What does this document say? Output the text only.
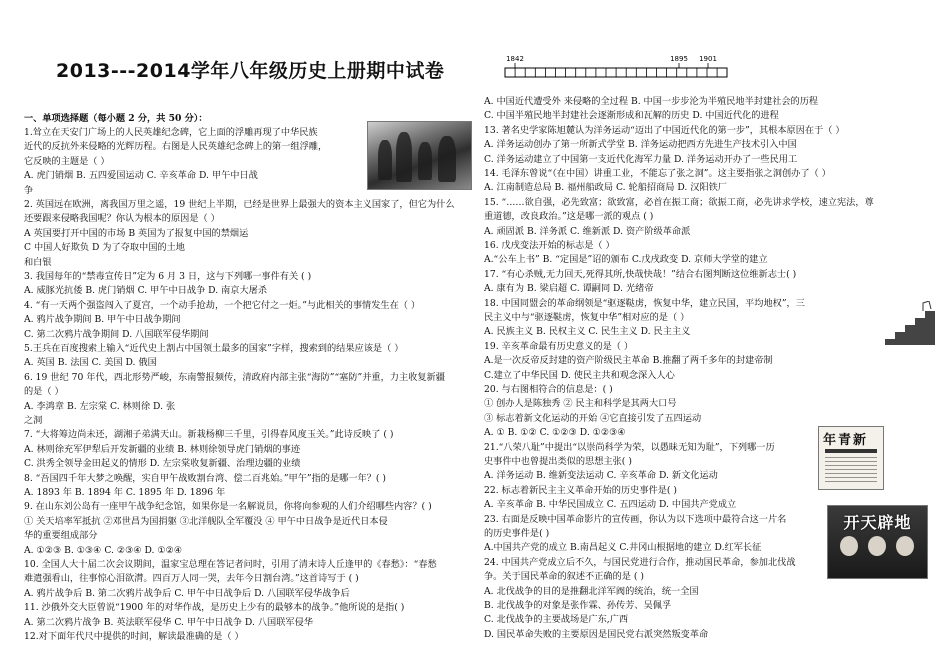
2013---2014学年八年级历史上册期中试卷
1842	1895 1901
一、单项选择题（每小题 2 分，共 50 分）：
1.耸立在天安门广场上的人民英雄纪念碑，它上面的浮雕再现了中华民族
近代的反抗外来侵略的光辉历程。右图是人民英雄纪念碑上的第一组浮雕，
它反映的主题是（ ）
A. 虎门销烟 B. 五四爱国运动 C. 辛亥革命 D. 甲午中日战
争
2. 英国远在欧洲，离我国万里之遥，19 世纪上半期，已经是世界上最强大的资本主义国家了，但它为什么
还要跟来侵略我国呢？你认为根本的原因是（ ）
A 英国要打开中国的市场 B 英国为了报复中国的禁烟运
C 中国人好欺负 D 为了夺取中国的土地
和白银
3. 我国每年的“禁毒宣传日”定为 6 月 3 日，这与下列哪一事件有关 ( )
A. 威豚光抗倭 B. 虎门销烟 C. 甲午中日战争 D. 南京大屠杀
4. “有一天两个强盗闯入了夏宫，一个动手抢劫，一个把它付之一炬。”与此相关的事情发生在（ ）
A. 鸦片战争期间 B. 甲午中日战争期间
C. 第二次鸦片战争期间 D. 八国联军侵华期间
5.王兵在百度搜索上输入“近代史上割占中国领土最多的国家”字样，搜索到的结果应该是（ ）
A. 英国 B. 法国 C. 美国 D. 俄国
6. 19 世纪 70 年代，西北形势严峻，东南警报频传，清政府内部主张“海防”“塞防”并重，力主收复新疆
的是（ ）
A. 李鸿章 B. 左宗棠 C. 林则徐 D. 张
之洞
7. “大将筹边尚未还，湖湘子弟满天山。新栽杨柳三千里，引得春风度玉关。”此诗反映了 ( )
A. 林则徐充军伊犁后开发新疆的业绩 B. 林则徐领导虎门销烟的事迹
C. 洪秀全领导金田起义的情形 D. 左宗棠收复新疆、治理边疆的业绩
8. “吾国四千年大梦之唤醒，实自甲午战败割台湾、偿二百兆始。”甲午”指的是哪一年？( )
A. 1893 年 B. 1894 年 C. 1895 年 D. 1896 年
9. 在山东刘公岛有一座甲午战争纪念馆，如果你是一名解说员，你将向参观的人们介绍哪些内容？( )
① 关天培率军抵抗 ②邓世昌为国捐躯 ③北洋舰队全军覆没 ④ 甲午中日战争是近代日本侵
华的重要组成部分
A. ①②③ B. ①③④ C. ②③④ D. ①②④
10. 全国人大十届二次会议期间，温家宝总理在答记者问时，引用了清末诗人丘逢甲的《春愁》：“春愁
难遣强看山，往事惊心泪欲潸。四百万人同一哭，去年今日割台湾。”这首诗写于 ( )
A. 鸦片战争后 B. 第二次鸦片战争后 C. 甲午中日战争后 D. 八国联军侵华战争后
11. 沙俄外交大臣曾说“1900 年的对华作战，是历史上少有的最够本的战争。”他所说的是指( )
A. 第二次鸦片战争 B. 英法联军侵华 C. 甲午中日战争 D. 八国联军侵华
12.对下面年代尺中提供的时间，解读最准确的是（ ）
A. 中国近代遭受外 来侵略的全过程 B. 中国一步步沦为半殖民地半封建社会的历程
C. 中国半殖民地半封建社会逐渐形成和瓦解的历史 D. 中国近代化的进程
13. 著名史学家陈旭麓认为洋务运动“迈出了中国近代化的第一步”，其根本原因在于（ ）
A. 洋务运动创办了第一所新式学堂 B. 洋务运动把西方先进生产技术引入中国
C. 洋务运动建立了中国第一支近代化海军力量 D. 洋务运动开办了一些民用工
14. 毛泽东曾说“（在中国）讲重工业，不能忘了张之洞”。这主要指张之洞创办了（ ）
A. 江南制造总局 B. 福州船政局 C. 轮船招商局 D. 汉阳铁厂
15. “……欲自强，必先致富；欲致富，必首在振工商；欲振工商，必先讲求学校，速立宪法，尊
重道德，改良政治。”这是哪一派的观点 ( )
A. 顽固派 B. 洋务派 C. 维新派 D. 资产阶级革命派
16. 戊戌变法开始的标志是（ ）
A.“公车上书” B. “定国是”诏的颁布 C.戊戌政变 D. 京师大学堂的建立
17. “有心杀贼,无力回天,死得其所,快哉快哉！”结合右图判断这位维新志士( )
A. 康有为 B. 梁启超 C. 谭嗣同 D. 光绪帝
18. 中国同盟会的革命纲领是“驱逐鞑虏，恢复中华，建立民国，平均地权”，三
民主义中与“驱逐鞑虏，恢复中华”相对应的是（ ）
A. 民族主义 B. 民权主义 C. 民生主义 D. 民主主义
19. 辛亥革命最有历史意义的是（ ）
A.是一次反帝反封建的资产阶级民主革命 B.推翻了两千多年的封建帝制
C.建立了中华民国 D. 使民主共和观念深入人心
20. 与右图相符合的信息是：( )
① 创办人是陈独秀 ② 民主和科学是其两大口号
③ 标志着新文化运动的开始 ④它直接引发了五四运动
A. ① B. ①② C. ①②③ D. ①②③④
21.“八荣八耻”中提出“以崇尚科学为荣，以愚昧无知为耻”，下列哪一历
史事件中也曾提出类似的思想主张( )
A. 洋务运动 B. 维新变法运动 C. 辛亥革命 D. 新文化运动
22. 标志着新民主主义革命开始的历史事件是( )
A. 辛亥革命 B. 中华民国成立 C. 五四运动 D. 中国共产党成立
23. 右面是反映中国革命影片的宣传画，你认为以下选项中最符合这一片名
的历史事件是( )
A.中国共产党的成立 B.南昌起义 C.井冈山根据地的建立 D.红军长征
24. 中国共产党成立后不久，与国民党进行合作，推动国民革命，参加北伐战
争。关于国民革命的叙述不正确的是 ( )
A. 北伐战争的目的是推翻北洋军阀的统治，统一全国
B. 北伐战争的对象是张作霖、孙传芳、吴佩孚
C. 北伐战争的主要战场是广东,广西
D. 国民革命失败的主要原因是国民党右派突然叛变革命
年青新
开天辟地
